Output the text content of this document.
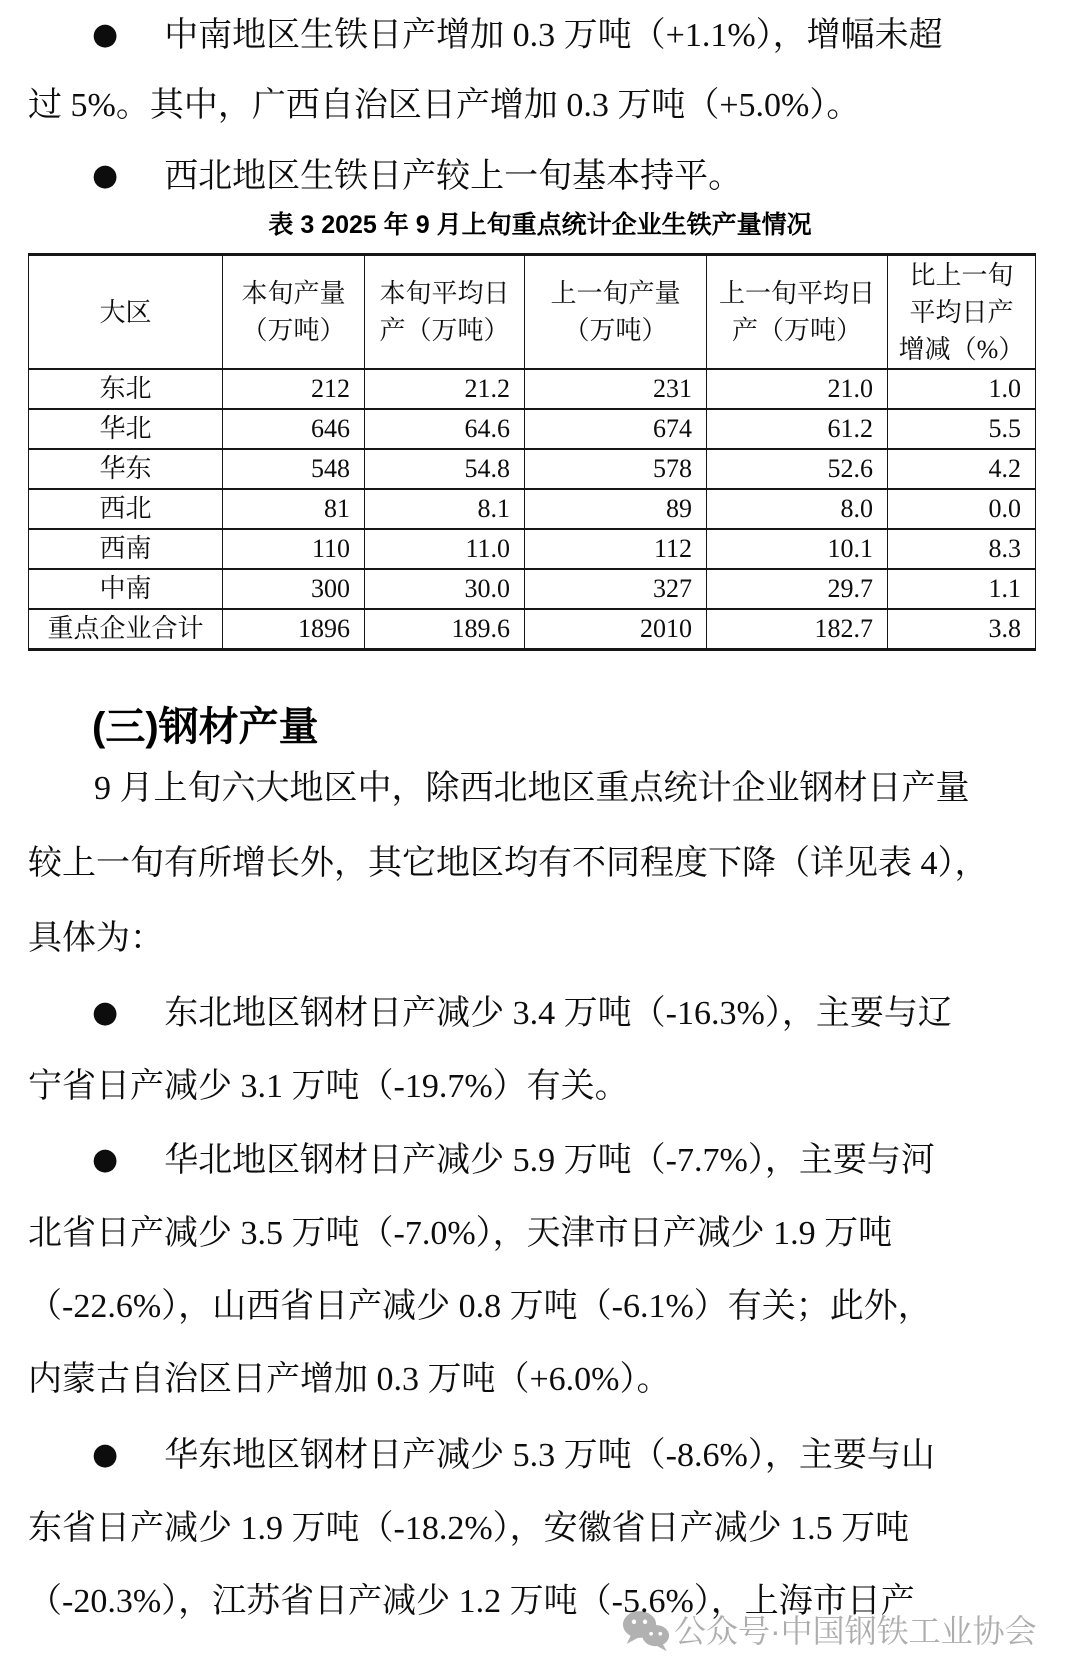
公众号·中国钢铁工业协会

● 中南地区生铁日产增加 0.3 万吨（+1.1%），增幅未超
过 5%。其中，广西自治区日产增加 0.3 万吨（+5.0%）。

● 西北地区生铁日产较上一旬基本持平。

表 3 2025 年 9 月上旬重点统计企业生铁产量情况

大区	本旬产量（万吨）	本旬平均日产（万吨）	上一旬产量（万吨）	上一旬平均日产（万吨）	比上一旬平均日产增减（%）
东北	212	21.2	231	21.0	1.0
华北	646	64.6	674	61.2	5.5
华东	548	54.8	578	52.6	4.2
西北	81	8.1	89	8.0	0.0
西南	110	11.0	112	10.1	8.3
中南	300	30.0	327	29.7	1.1
重点企业合计	1896	189.6	2010	182.7	3.8
(三)钢材产量

9 月上旬六大地区中，除西北地区重点统计企业钢材日产量
较上一旬有所增长外，其它地区均有不同程度下降（详见表 4），
具体为：

● 东北地区钢材日产减少 3.4 万吨（-16.3%），主要与辽
宁省日产减少 3.1 万吨（-19.7%）有关。

● 华北地区钢材日产减少 5.9 万吨（-7.7%），主要与河
北省日产减少 3.5 万吨（-7.0%），天津市日产减少 1.9 万吨
（-22.6%），山西省日产减少 0.8 万吨（-6.1%）有关；此外，
内蒙古自治区日产增加 0.3 万吨（+6.0%）。

● 华东地区钢材日产减少 5.3 万吨（-8.6%），主要与山
东省日产减少 1.9 万吨（-18.2%），安徽省日产减少 1.5 万吨
（-20.3%），江苏省日产减少 1.2 万吨（-5.6%），上海市日产
